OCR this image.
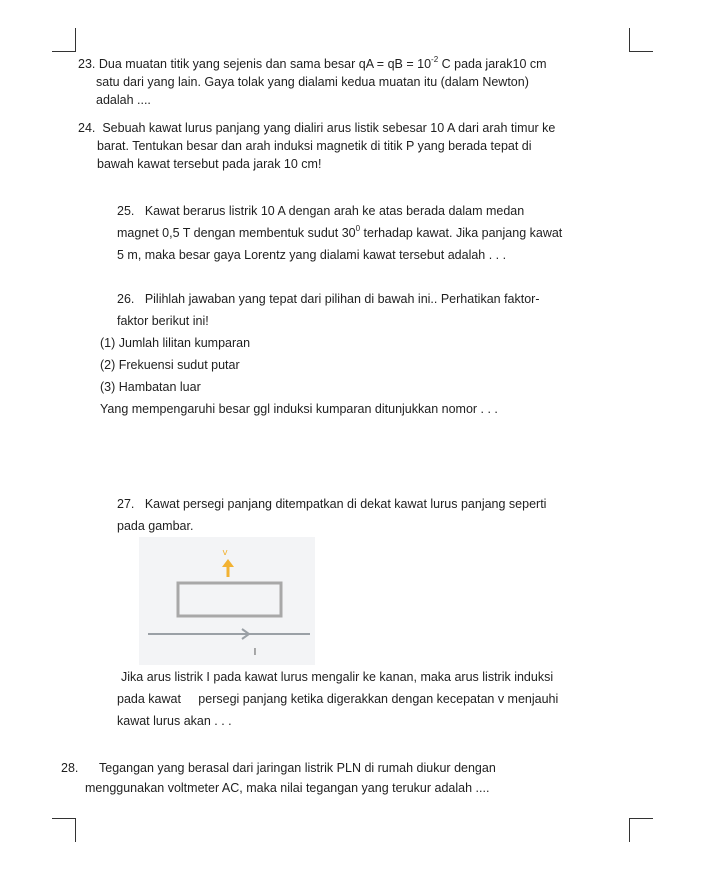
23. Dua muatan titik yang sejenis dan sama besar qA = qB = $10^{-2}$ C pada jarak10 cm
satu dari yang lain. Gaya tolak yang dialami kedua muatan itu (dalam Newton)
adalah ....
24. Sebuah kawat lurus panjang yang dialiri arus listik sebesar 10 A dari arah timur ke
barat. Tentukan besar dan arah induksi magnetik di titik P yang berada tepat di
bawah kawat tersebut pada jarak 10 cm!
25. Kawat berarus listrik 10 A dengan arah ke atas berada dalam medan
magnet 0,5 T dengan membentuk sudut $30^0$ terhadap kawat. Jika panjang kawat
5 m, maka besar gaya Lorentz yang dialami kawat tersebut adalah . . .
26. Pilihlah jawaban yang tepat dari pilihan di bawah ini.. Perhatikan faktor-
faktor berikut ini!
(1) Jumlah lilitan kumparan
(2) Frekuensi sudut putar
(3) Hambatan luar
Yang mempengaruhi besar ggl induksi kumparan ditunjukkan nomor . . .
27. Kawat persegi panjang ditempatkan di dekat kawat lurus panjang seperti
pada gambar.
v
I
Jika arus listrik I pada kawat lurus mengalir ke kanan, maka arus listrik induksi
pada kawat     persegi panjang ketika digerakkan dengan kecepatan v menjauhi
kawat lurus akan . . .
28. Tegangan yang berasal dari jaringan listrik PLN di rumah diukur dengan
menggunakan voltmeter AC, maka nilai tegangan yang terukur adalah ....
